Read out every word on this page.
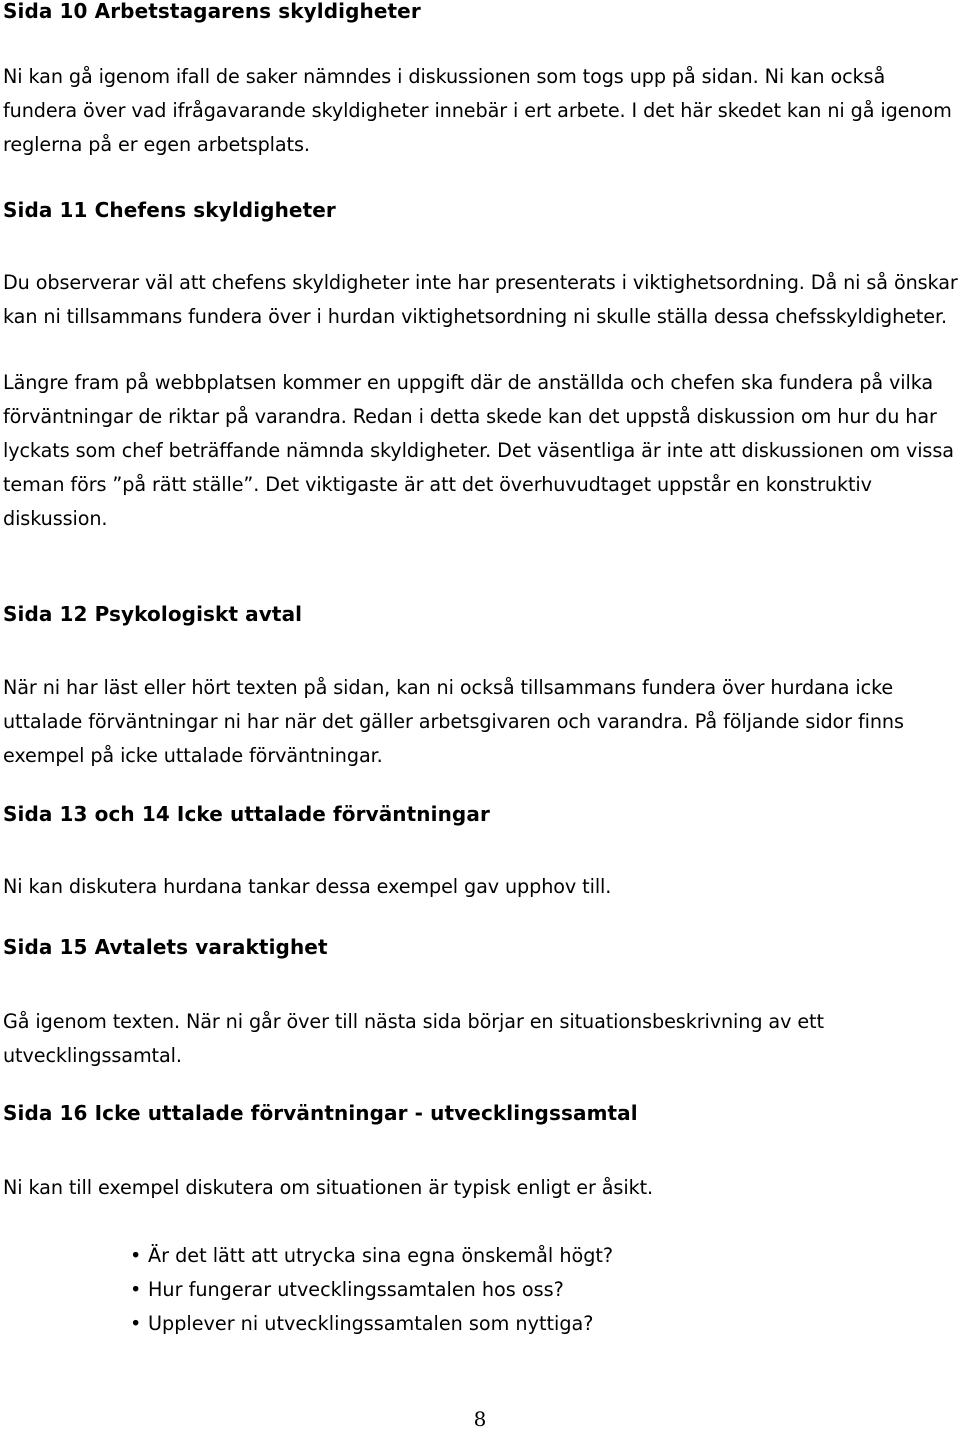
Sida 10 Arbetstagarens skyldigheter

Ni kan gå igenom ifall de saker nämndes i diskussionen som togs upp på sidan. Ni kan också fundera över vad ifrågavarande skyldigheter innebär i ert arbete. I det här skedet kan ni gå igenom reglerna på er egen arbetsplats.

Sida 11 Chefens skyldigheter

Du observerar väl att chefens skyldigheter inte har presenterats i viktighetsordning. Då ni så önskar kan ni tillsammans fundera över i hurdan viktighetsordning ni skulle ställa dessa chefsskyldigheter.

Längre fram på webbplatsen kommer en uppgift där de anställda och chefen ska fundera på vilka förväntningar de riktar på varandra. Redan i detta skede kan det uppstå diskussion om hur du har lyckats som chef beträffande nämnda skyldigheter. Det väsentliga är inte att diskussionen om vissa teman förs ”på rätt ställe”. Det viktigaste är att det överhuvudtaget uppstår en konstruktiv diskussion.

Sida 12 Psykologiskt avtal

När ni har läst eller hört texten på sidan, kan ni också tillsammans fundera över hurdana icke uttalade förväntningar ni har när det gäller arbetsgivaren och varandra. På följande sidor finns exempel på icke uttalade förväntningar.

Sida 13 och 14 Icke uttalade förväntningar

Ni kan diskutera hurdana tankar dessa exempel gav upphov till.

Sida 15 Avtalets varaktighet

Gå igenom texten. När ni går över till nästa sida börjar en situationsbeskrivning av ett utvecklingssamtal.

Sida 16 Icke uttalade förväntningar - utvecklingssamtal

Ni kan till exempel diskutera om situationen är typisk enligt er åsikt.

• Är det lätt att utrycka sina egna önskemål högt?
• Hur fungerar utvecklingssamtalen hos oss?
• Upplever ni utvecklingssamtalen som nyttiga?
8
